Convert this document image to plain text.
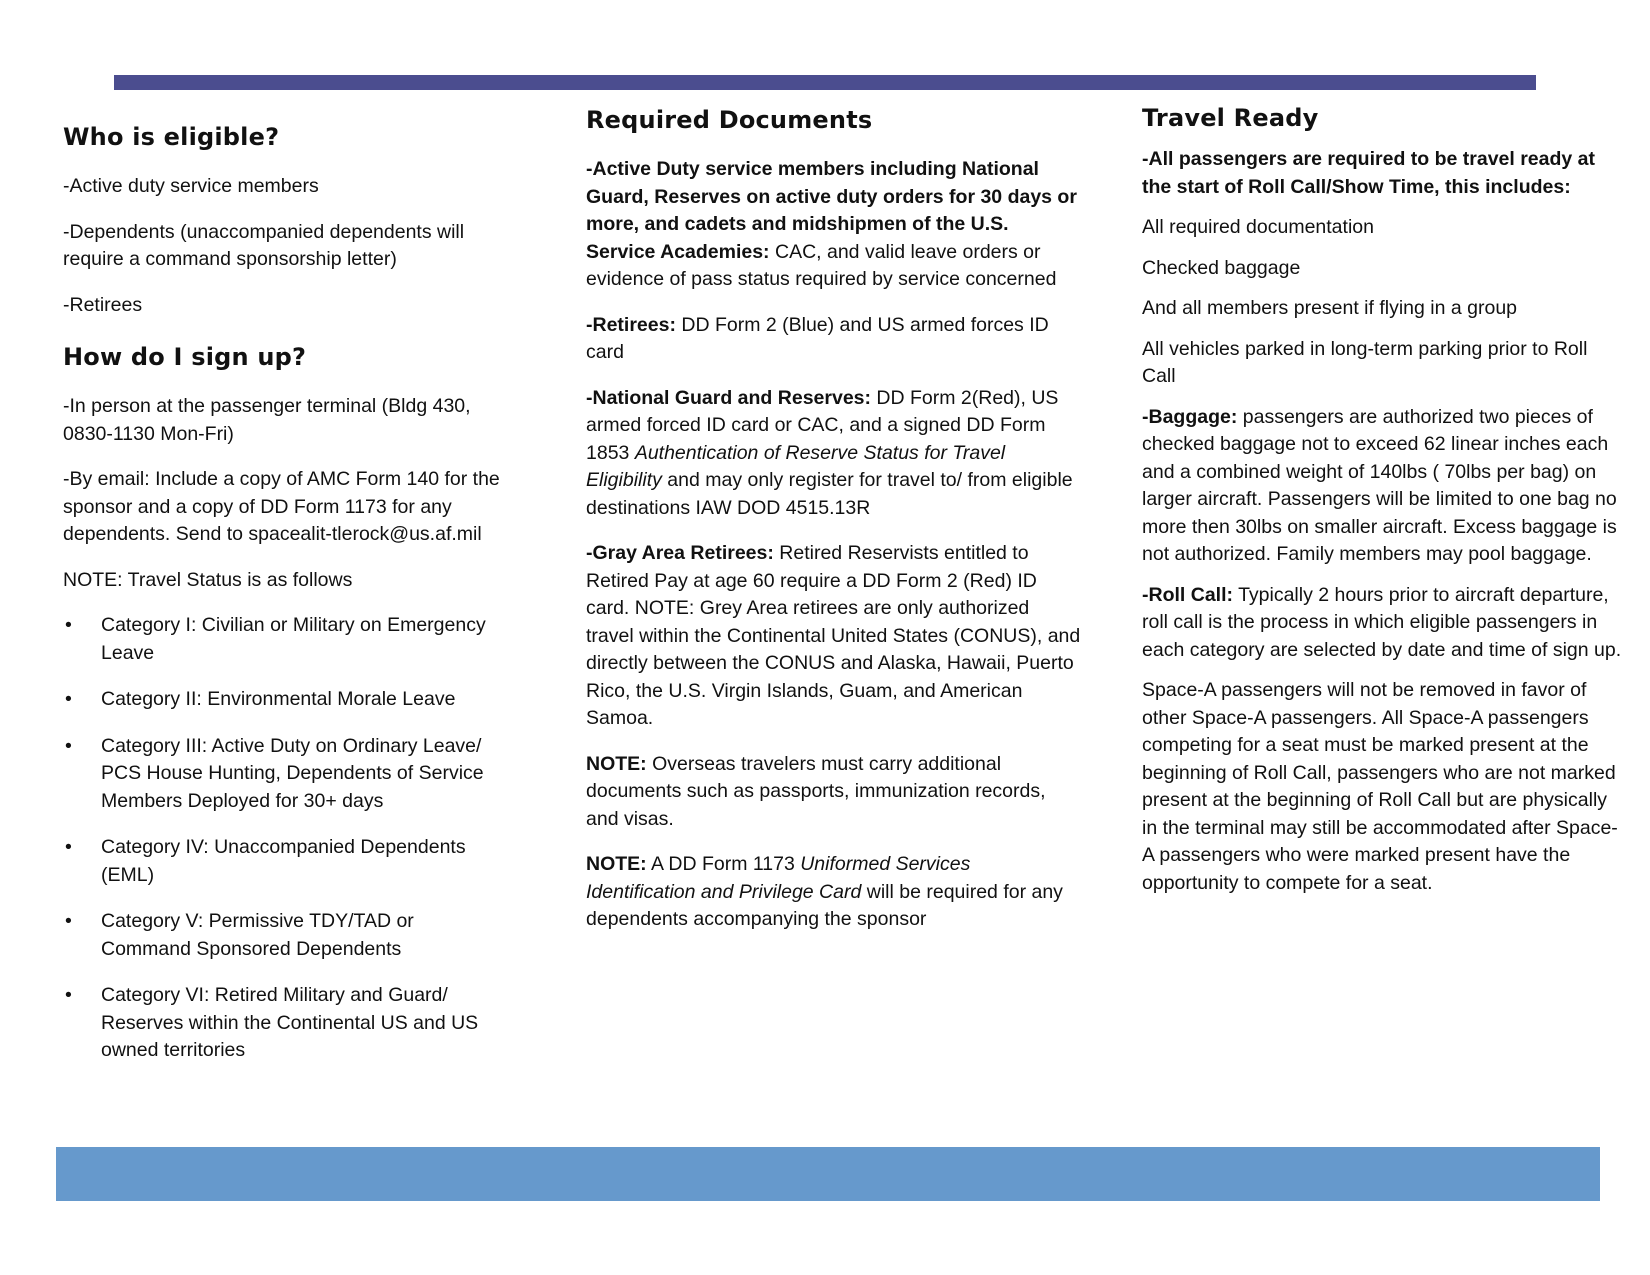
Who is eligible?

-Active duty service members

-Dependents (unaccompanied dependents will require a command sponsorship letter)

-Retirees

How do I sign up?

-In person at the passenger terminal (Bldg 430, 0830-1130 Mon-Fri)

-By email: Include a copy of AMC Form 140 for the sponsor and a copy of DD Form 1173 for any dependents. Send to spacealit-tlerock@us.af.mil

NOTE: Travel Status is as follows

• Category I: Civilian or Military on Emergency Leave
• Category II: Environmental Morale Leave
• Category III: Active Duty on Ordinary Leave/ PCS House Hunting, Dependents of Service Members Deployed for 30+ days
• Category IV: Unaccompanied Dependents (EML)
• Category V: Permissive TDY/TAD or Command Sponsored Dependents
• Category VI: Retired Military and Guard/ Reserves within the Continental US and US owned territories
Required Documents

-Active Duty service members including National Guard, Reserves on active duty orders for 30 days or more, and cadets and midshipmen of the U.S. Service Academies: CAC, and valid leave orders or evidence of pass status required by service concerned

-Retirees: DD Form 2 (Blue) and US armed forces ID card

-National Guard and Reserves: DD Form 2(Red), US armed forced ID card or CAC, and a signed DD Form 1853 Authentication of Reserve Status for Travel Eligibility and may only register for travel to/ from eligible destinations IAW DOD 4515.13R

-Gray Area Retirees: Retired Reservists entitled to Retired Pay at age 60 require a DD Form 2 (Red) ID card. NOTE: Grey Area retirees are only authorized travel within the Continental United States (CONUS), and directly between the CONUS and Alaska, Hawaii, Puerto Rico, the U.S. Virgin Islands, Guam, and American Samoa.

NOTE: Overseas travelers must carry additional documents such as passports, immunization records, and visas.

NOTE: A DD Form 1173 Uniformed Services Identification and Privilege Card will be required for any dependents accompanying the sponsor

Travel Ready

-All passengers are required to be travel ready at the start of Roll Call/Show Time, this includes:

All required documentation

Checked baggage

And all members present if flying in a group

All vehicles parked in long-term parking prior to Roll Call

-Baggage: passengers are authorized two pieces of checked baggage not to exceed 62 linear inches each and a combined weight of 140lbs ( 70lbs per bag) on larger aircraft. Passengers will be limited to one bag no more then 30lbs on smaller aircraft. Excess baggage is not authorized. Family members may pool baggage.

-Roll Call: Typically 2 hours prior to aircraft departure, roll call is the process in which eligible passengers in each category are selected by date and time of sign up.

Space-A passengers will not be removed in favor of other Space-A passengers. All Space-A passengers competing for a seat must be marked present at the beginning of Roll Call, passengers who are not marked present at the beginning of Roll Call but are physically in the terminal may still be accommodated after Space-A passengers who were marked present have the opportunity to compete for a seat.
